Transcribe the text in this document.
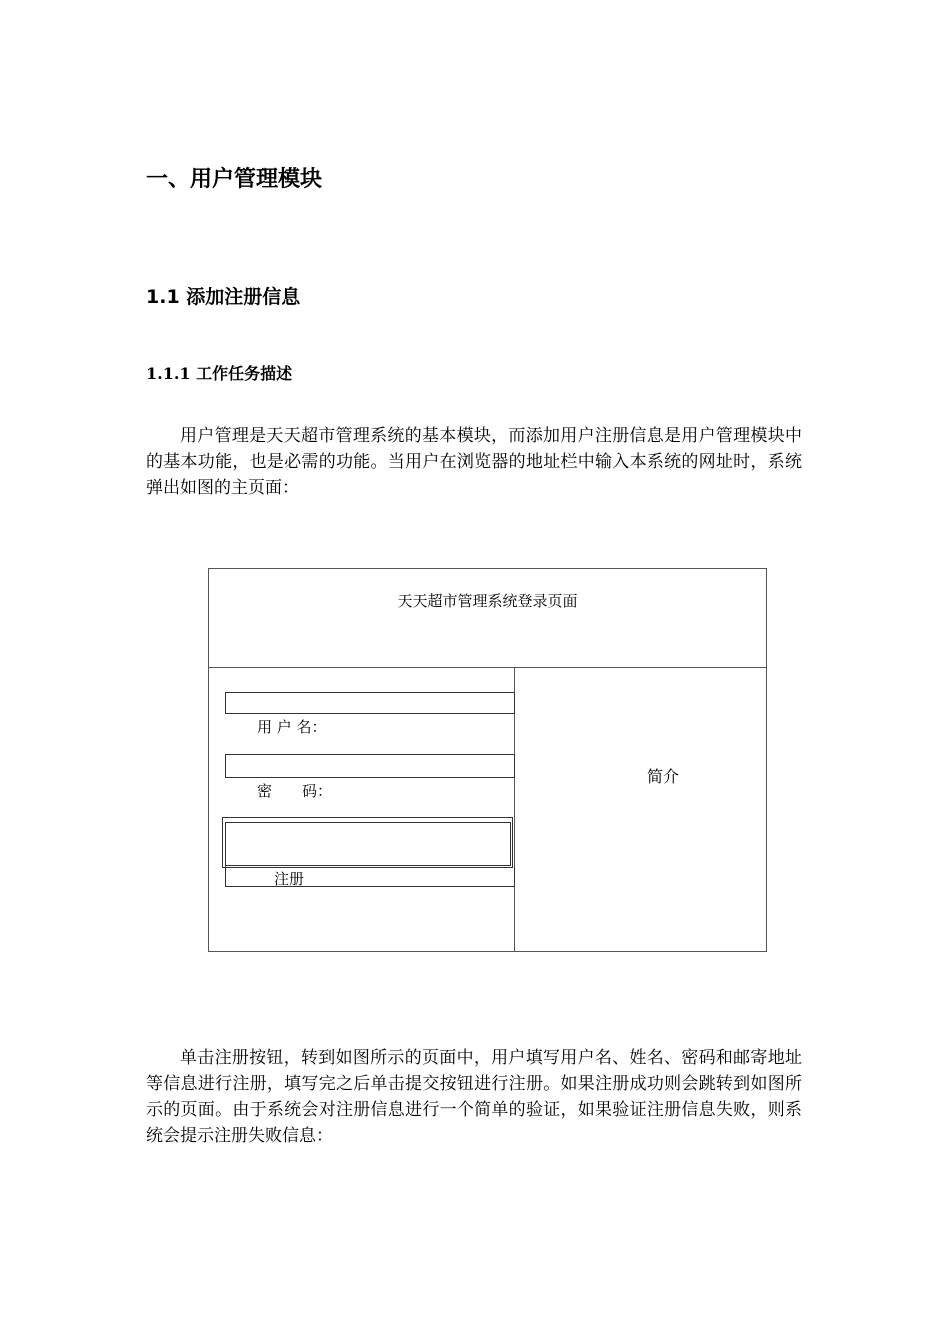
一、用户管理模块
1.1 添加注册信息
1.1.1 工作任务描述

用户管理是天天超市管理系统的基本模块，而添加用户注册信息是用户管理模块中的基本功能，也是必需的功能。当用户在浏览器的地址栏中输入本系统的网址时，系统弹出如图的主页面：

天天超市管理系统登录页面
用 户 名：
密　　码：
注册
简介

单击注册按钮，转到如图所示的页面中，用户填写用户名、姓名、密码和邮寄地址等信息进行注册，填写完之后单击提交按钮进行注册。如果注册成功则会跳转到如图所示的页面。由于系统会对注册信息进行一个简单的验证，如果验证注册信息失败，则系统会提示注册失败信息：
